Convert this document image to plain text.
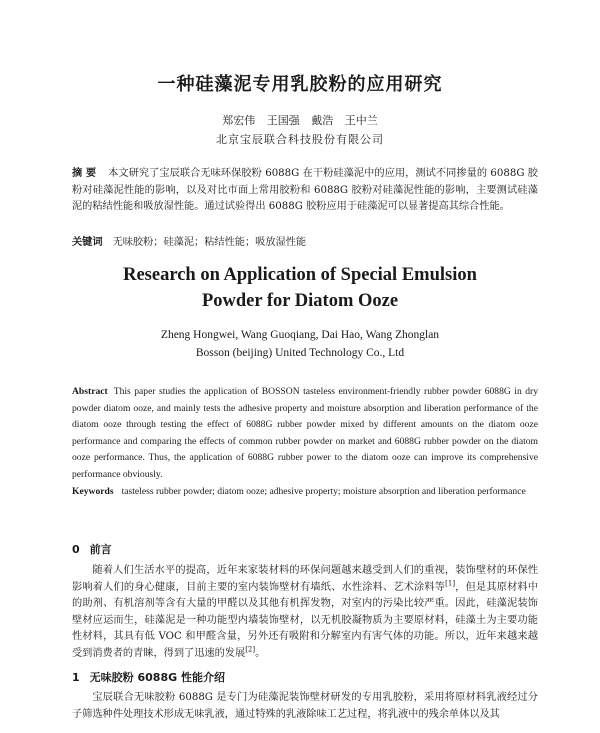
一种硅藻泥专用乳胶粉的应用研究
郑宏伟 王国强 戴浩 王中兰
北京宝辰联合科技股份有限公司
摘 要 本文研究了宝辰联合无味环保胶粉 6088G 在干粉硅藻泥中的应用，测试不同掺量的 6088G 胶粉对硅藻泥性能的影响，以及对比市面上常用胶粉和 6088G 胶粉对硅藻泥性能的影响，主要测试硅藻泥的粘结性能和吸放湿性能。通过试验得出 6088G 胶粉应用于硅藻泥可以显著提高其综合性能。
关键词 无味胶粉；硅藻泥；粘结性能；吸放湿性能
Research on Application of Special Emulsion
Powder for Diatom Ooze
Zheng Hongwei, Wang Guoqiang, Dai Hao, Wang Zhonglan
Bosson (beijing) United Technology Co., Ltd
Abstract This paper studies the application of BOSSON tasteless environment-friendly rubber powder 6088G in dry powder diatom ooze, and mainly tests the adhesive property and moisture absorption and liberation performance of the diatom ooze through testing the effect of 6088G rubber powder mixed by different amounts on the diatom ooze performance and comparing the effects of common rubber powder on market and 6088G rubber powder on the diatom ooze performance. Thus, the application of 6088G rubber power to the diatom ooze can improve its comprehensive performance obviously.
Keywords tasteless rubber powder; diatom ooze; adhesive property; moisture absorption and liberation performance
0 前言
随着人们生活水平的提高，近年来家装材料的环保问题越来越受到人们的重视，装饰壁材的环保性影响着人们的身心健康，目前主要的室内装饰壁材有墙纸、水性涂料、艺术涂料等[1]，但是其原材料中的助剂、有机溶剂等含有大量的甲醛以及其他有机挥发物，对室内的污染比较严重。因此，硅藻泥装饰壁材应运而生，硅藻泥是一种功能型内墙装饰壁材，以无机胶凝物质为主要原材料，硅藻土为主要功能性材料，其具有低 VOC 和甲醛含量，另外还有吸附和分解室内有害气体的功能。所以，近年来越来越受到消费者的青睐，得到了迅速的发展[2]。
1 无味胶粉 6088G 性能介绍
宝辰联合无味胶粉 6088G 是专门为硅藻泥装饰壁材研发的专用乳胶粉，采用将原材料乳液经过分子筛选种件处理技术形成无味乳液，通过特殊的乳液除味工艺过程，将乳液中的残余单体以及其
